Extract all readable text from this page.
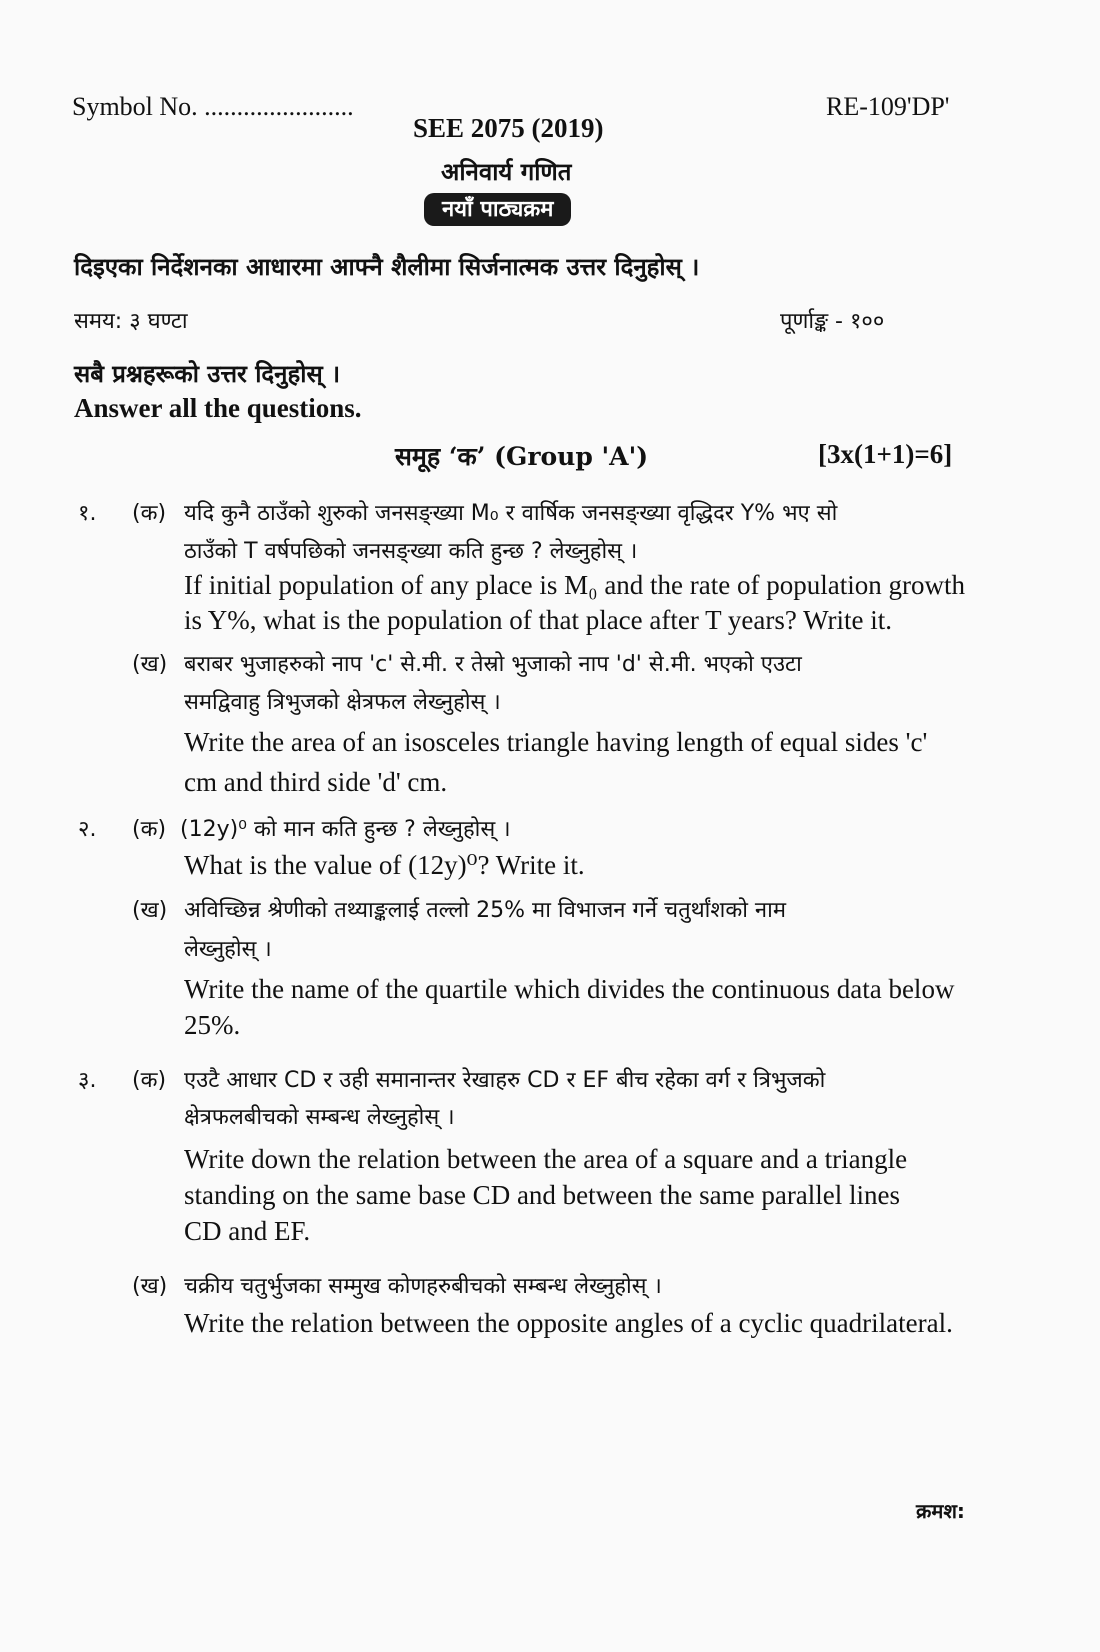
Symbol No. .......................	RE-109'DP'
SEE 2075 (2019)
अनिवार्य गणित
नयाँ पाठ्यक्रम
दिइएका निर्देशनका आधारमा आफ्नै शैलीमा सिर्जनात्मक उत्तर दिनुहोस् ।
समय: ३ घण्टा	पूर्णाङ्क - १००
सबै प्रश्नहरूको उत्तर दिनुहोस् ।
Answer all the questions.
समूह ‘क’ (Group 'A')	[3x(1+1)=6]
१. (क) यदि कुनै ठाउँको शुरुको जनसङ्ख्या M₀ र वार्षिक जनसङ्ख्या वृद्धिदर Y% भए सो
ठाउँको T वर्षपछिको जनसङ्ख्या कति हुन्छ ? लेख्नुहोस् ।
If initial population of any place is M₀ and the rate of population growth
is Y%, what is the population of that place after T years? Write it.
(ख) बराबर भुजाहरुको नाप 'c' से.मी. र तेस्रो भुजाको नाप 'd' से.मी. भएको एउटा
समद्विवाहु त्रिभुजको क्षेत्रफल लेख्नुहोस् ।
Write the area of an isosceles triangle having length of equal sides 'c'
cm and third side 'd' cm.
२. (क) (12y)⁰ को मान कति हुन्छ ? लेख्नुहोस् ।
What is the value of (12y)⁰? Write it.
(ख) अविच्छिन्न श्रेणीको तथ्याङ्कलाई तल्लो 25% मा विभाजन गर्ने चतुर्थांशको नाम
लेख्नुहोस् ।
Write the name of the quartile which divides the continuous data below
25%.
३. (क) एउटै आधार CD र उही समानान्तर रेखाहरु CD र EF बीच रहेका वर्ग र त्रिभुजको
क्षेत्रफलबीचको सम्बन्ध लेख्नुहोस् ।
Write down the relation between the area of a square and a triangle
standing on the same base CD and between the same parallel lines
CD and EF.
(ख) चक्रीय चतुर्भुजका सम्मुख कोणहरुबीचको सम्बन्ध लेख्नुहोस् ।
Write the relation between the opposite angles of a cyclic quadrilateral.
क्रमश:
